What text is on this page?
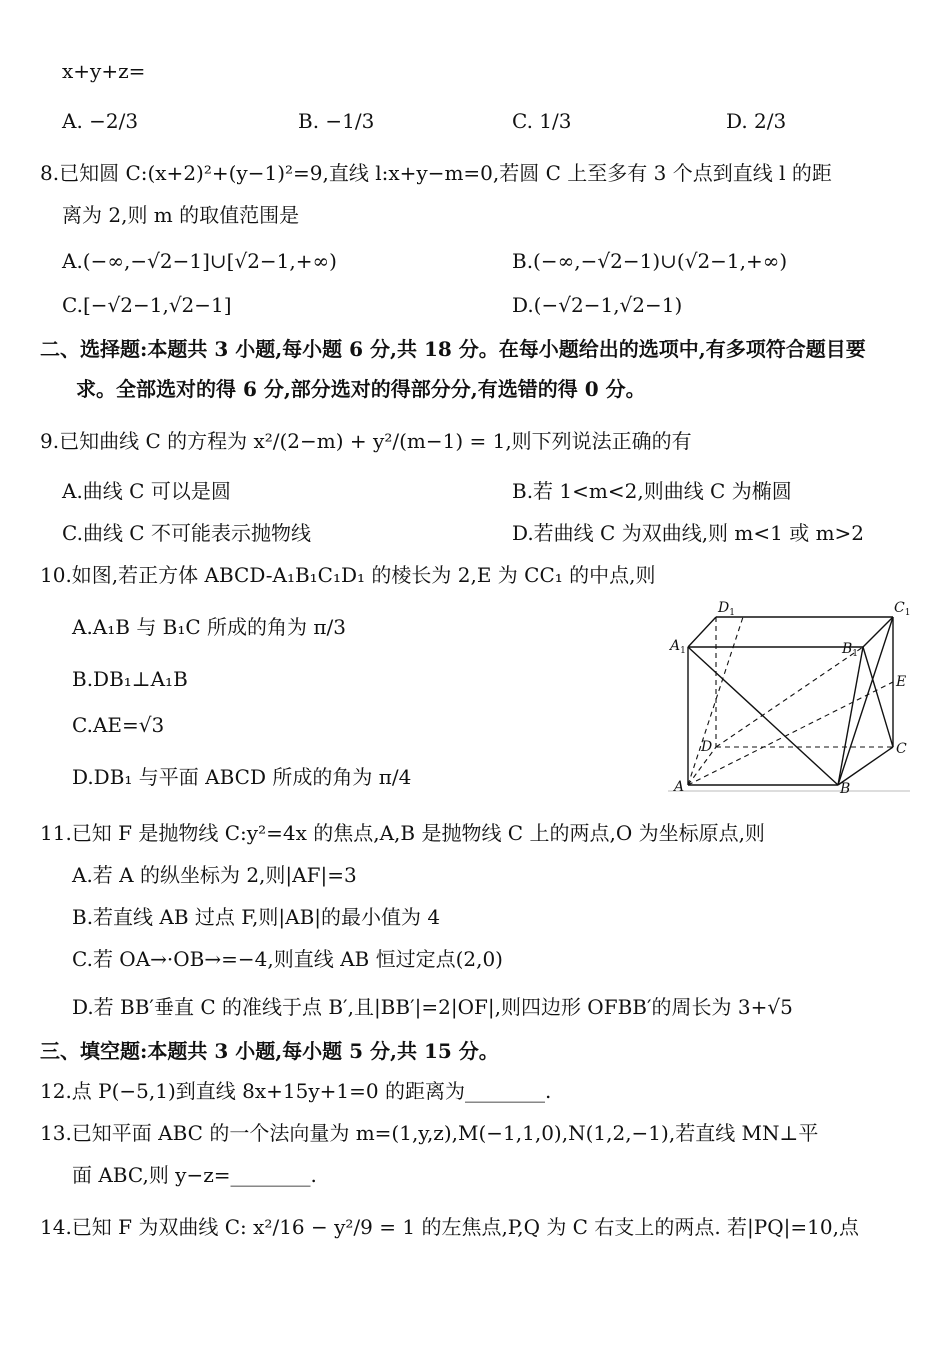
x+y+z=
A. −2/3	B. −1/3	C. 1/3	D. 2/3
8.已知圆 C:(x+2)²+(y−1)²=9,直线 l:x+y−m=0,若圆 C 上至多有 3 个点到直线 l 的距
离为 2,则 m 的取值范围是
A.(−∞,−√2−1]∪[√2−1,+∞)	B.(−∞,−√2−1)∪(√2−1,+∞)
C.[−√2−1,√2−1]	D.(−√2−1,√2−1)
二、选择题:本题共 3 小题,每小题 6 分,共 18 分。在每小题给出的选项中,有多项符合题目要
求。全部选对的得 6 分,部分选对的得部分分,有选错的得 0 分。
9.已知曲线 C 的方程为 x²/(2−m) + y²/(m−1) = 1,则下列说法正确的有
A.曲线 C 可以是圆	B.若 1<m<2,则曲线 C 为椭圆
C.曲线 C 不可能表示抛物线	D.若曲线 C 为双曲线,则 m<1 或 m>2
10.如图,若正方体 ABCD-A₁B₁C₁D₁ 的棱长为 2,E 为 CC₁ 的中点,则
A.A₁B 与 B₁C 所成的角为 π/3
B.DB₁⊥A₁B
C.AE=√3
D.DB₁ 与平面 ABCD 所成的角为 π/4
$D_1$	$C_1$
$A_1$	$B_1$
E
D	C
A	B
11.已知 F 是抛物线 C:y²=4x 的焦点,A,B 是抛物线 C 上的两点,O 为坐标原点,则
A.若 A 的纵坐标为 2,则|AF|=3
B.若直线 AB 过点 F,则|AB|的最小值为 4
C.若 OA→·OB→=−4,则直线 AB 恒过定点(2,0)
D.若 BB′垂直 C 的准线于点 B′,且|BB′|=2|OF|,则四边形 OFBB′的周长为 3+√5
三、填空题:本题共 3 小题,每小题 5 分,共 15 分。
12.点 P(−5,1)到直线 8x+15y+1=0 的距离为________.
13.已知平面 ABC 的一个法向量为 m=(1,y,z),M(−1,1,0),N(1,2,−1),若直线 MN⊥平
面 ABC,则 y−z=________.
14.已知 F 为双曲线 C: x²/16 − y²/9 = 1 的左焦点,P,Q 为 C 右支上的两点. 若|PQ|=10,点
